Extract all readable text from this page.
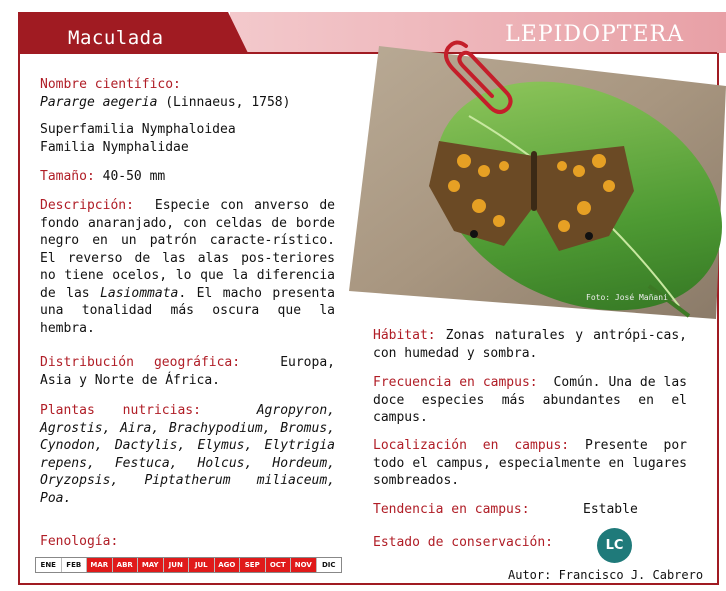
Maculada	LEPIDOPTERA
Nombre científico:
Pararge aegeria (Linnaeus, 1758)
Superfamilia Nymphaloidea
Familia Nymphalidae
Tamaño: 40-50 mm
Descripción: Especie con anverso de fondo anaranjado, con celdas de borde negro en un patrón caracte-rístico. El reverso de las alas pos-teriores no tiene ocelos, lo que la diferencia de las Lasiommata. El macho presenta una tonalidad más oscura que la hembra.
Distribución geográfica:	Europa, Asia y Norte de África.
Plantas nutricias:	Agropyron, Agrostis, Aira, Brachypodium, Bromus, Cynodon, Dactylis, Elymus, Elytrigia repens, Festuca, Holcus, Hordeum, Oryzopsis, Piptatherum miliaceum, Poa.
Fenología:
ENE	FEB	MAR	ABR	MAY	JUN	JUL	AGO	SEP	OCT	NOV	DIC
Foto: José Mañani
Hábitat: Zonas naturales y antrópi-cas, con humedad y sombra.
Frecuencia en campus: Común. Una de las doce especies más abundantes en el campus.
Localización en campus: Presente por todo el campus, especialmente en lugares sombreados.
Tendencia en campus:	Estable
Estado de conservación:	LC
Autor: Francisco J. Cabrero
